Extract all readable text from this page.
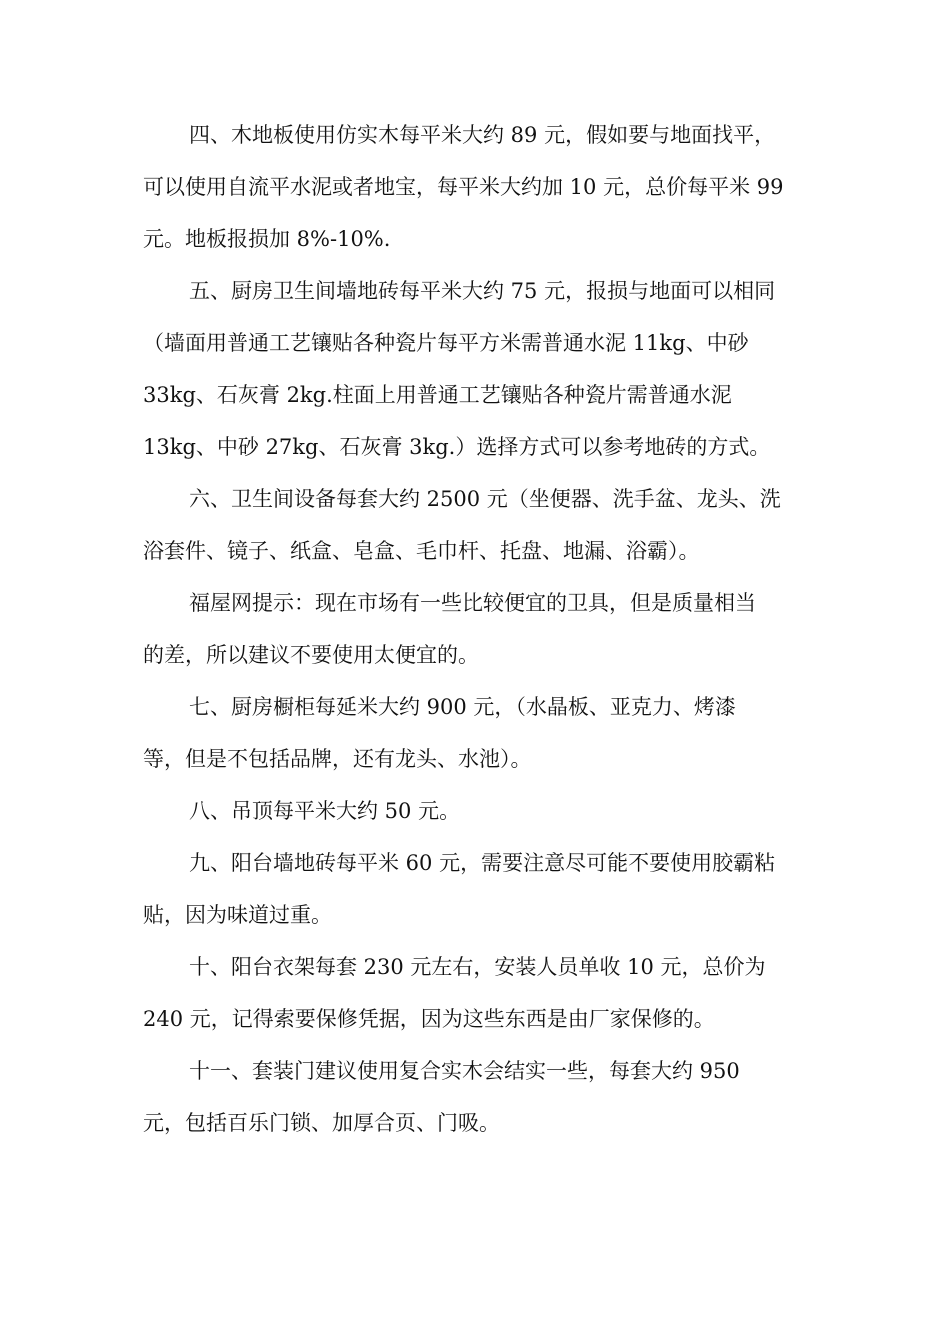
四、木地板使用仿实木每平米大约 89 元，假如要与地面找平，
可以使用自流平水泥或者地宝，每平米大约加 10 元，总价每平米 99
元。地板报损加 8%-10%.
五、厨房卫生间墙地砖每平米大约 75 元，报损与地面可以相同
（墙面用普通工艺镶贴各种瓷片每平方米需普通水泥 11kg、中砂
33kg、石灰膏 2kg.柱面上用普通工艺镶贴各种瓷片需普通水泥
13kg、中砂 27kg、石灰膏 3kg.）选择方式可以参考地砖的方式。
六、卫生间设备每套大约 2500 元（坐便器、洗手盆、龙头、洗
浴套件、镜子、纸盒、皂盒、毛巾杆、托盘、地漏、浴霸）。
福屋网提示：现在市场有一些比较便宜的卫具，但是质量相当
的差，所以建议不要使用太便宜的。
七、厨房橱柜每延米大约 900 元，（水晶板、亚克力、烤漆
等，但是不包括品牌，还有龙头、水池）。
八、吊顶每平米大约 50 元。
九、阳台墙地砖每平米 60 元，需要注意尽可能不要使用胶霸粘
贴，因为味道过重。
十、阳台衣架每套 230 元左右，安装人员单收 10 元，总价为
240 元，记得索要保修凭据，因为这些东西是由厂家保修的。
十一、套装门建议使用复合实木会结实一些，每套大约 950
元，包括百乐门锁、加厚合页、门吸。
